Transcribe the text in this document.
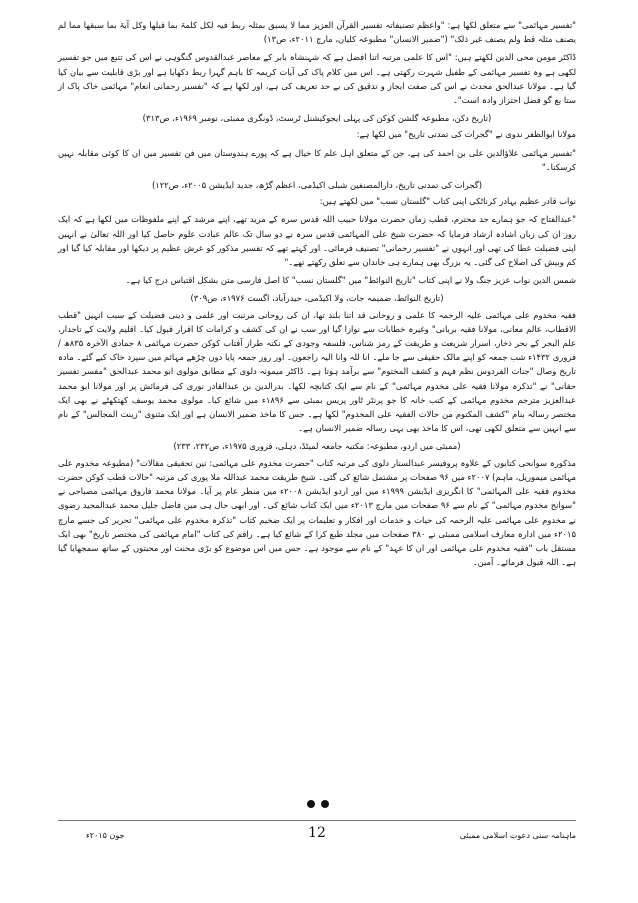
"تفسیر مہائمی" سے متعلق لکھا ہے: "واعظم تصنیفاتہ تفسیر القرآن العزیز مما لا یسبق بمثلہ ربط فیہ لکل کلمۃ بما قبلھا وکل آیۃ بما سبقھا مما لم یصنف مثلہ قط ولم یصنف غیر ذلک" ("ضمیر الانسان" مطبوعہ کلیان، مارچ ۲۰۱۱ء، ص۱۳)

ڈاکٹر مومن محی الدین لکھتے ہیں: "اس کا علمی مرتبہ اتنا افضل ہے کہ شہنشاہ بابر کے معاصر عبدالقدوس گنگوہی نے اس کی تتبع میں جو تفسیر لکھی ہے وہ تفسیر مہائمی کے طفیل شہرت رکھتی ہے۔ اس میں کلام پاک کی آیات کریمہ کا باہم گہرا ربط دکھایا ہے اور بڑی قابلیت سے بیان کیا گیا ہے۔ مولانا عبدالحق محدث نے اس کی صفت ایجاز و تدقیق کی بے حد تعریف کی ہے، اور لکھا ہے کہ "تفسیر رحمانی انعام" مہائمی خاک پاک از ستا یع گو فضل احتزاز وادہ است"۔

(تاریخ دکن، مطبوعہ گلشن کوکن کی پہلی ایجوکیشنل ٹرسٹ، ڈونگری ممبئی، نومبر ۱۹۶۹ء، ص۳۱۳)

مولانا ابوالظفر ندوی نے "گجرات کی تمدنی تاریخ" میں لکھا ہے:

"تفسیر مہائمی علاؤالدین علی بن احمد کی ہے، جن کے متعلق اہل علم کا خیال ہے کہ پورے ہندوستان میں فن تفسیر میں ان کا کوئی مقابلہ نہیں کرسکتا۔"

(گجرات کی تمدنی تاریخ، دارالمصنفین شبلی اکیڈمی، اعظم گڑھ، جدید ایڈیشن ۲۰۰۵ء، ص۱۲۲)

نواب قادر عظیم بہادر کرناٹکی اپنی کتاب "گلستان نسب" میں لکھتے ہیں:

"عبدالفتاح کہ جو ہمارے جد محترم، قطب زماں حضرت مولانا حبیب اللہ قدس سرہ کے مرید تھے، اپنے مرشد کے اپنے ملفوظات میں لکھا ہے کہ ایک روز ان کی زبان اشادہ ارشاد فرمایا کہ حضرت شیخ علی المہائمی قدس سرہ نے دو سال تک عالم عبادت علوم حاصل کیا اور اللہ تعالیٰ نے انہیں اپنی فضیلت عطا کی تھی اور انہوں نے "تفسیر رحمانی" تصنیف فرمائی۔ اور کہتے تھے کہ تفسیر مذکور کو عرش عظیم پر دیکھا اور مقابلہ کیا گیا اور کم وبیش کی اصلاح کی گئی۔ یہ بزرگ بھی ہمارے ہی خاندان سے تعلق رکھتے تھے۔"

شمس الدین نواب عزیز جنگ ولا نے اپنی کتاب "تاریخ النوائط" میں "گلستان نسب" کا اصل فارسی متن بشکل اقتباس درج کیا ہے۔

(تاریخ النوائط، ضمیمہ جات، ولا اکیڈمی، حیدرآباد، اگست ۱۹۷۶ء، ص۳۰۹)

فقیہ مخدوم علی مہائمی علیہ الرحمہ کا علمی و روحانی قد اتنا بلند تھا، ان کی روحانی مرتبت اور علمی و دینی فضیلت کے سبب انہیں "قطب الاقطاب، عالم معانی، مولانا فقیہ بربانی" وغیرہ خطابات سے نوازا گیا اور سب نے ان کی کشف و کرامات کا اقرار قبول کیا۔ اقلیم ولایت کے تاجدار، علم البحر کے بحر ذخار، اسرار شریعت و طریقت کے رمز شناس، فلسفہ وجودی کے نکتہ طراز آفتاب کوکن حضرت مہائمی ۸ جمادی الآخرہ ۸۳۵ھ / فروری ۱۴۳۲ء شب جمعہ کو اپنے مالک حقیقی سے جا ملے۔ انا للہ وانا الیہ راجعون۔ اور روز جمعہ پایا دون چڑھے مہائم میں سپرد خاک کیے گئے۔ مادہ تاریخ وصال "جنات الفردوس نظم فہم و کشف المختوم" سے برآمد ہوتا ہے۔ ڈاکٹر میمونہ دلوی کے مطابق مولوی ابو محمد عبدالحق "مفسر تفسیر حقانی" نے "تذکرہ مولانا فقیہ علی مخدوم مہائمی" کے نام سے ایک کتابچہ لکھا۔ بدرالدین بن عبدالقادر نوری کی فرمائش پر اور مولانا ابو محمد عبدالعزیز مترجم مخدوم مہائمی کے کتب خانہ کا جو پرنٹر ٹاور پریس بمبئی سے ۱۸۹۶ء میں شائع کیا۔ مولوی محمد یوسف کھتکھٹے نے بھی ایک مختصر رسالہ بنام "کشف المکتوم من حالات الفقیہ علی المخدوم" لکھا ہے۔ جس کا ماخذ ضمیر الانسان ہے اور ایک مثنوی "زینت المجالس" کے نام سے انہیں سے متعلق لکھی تھی، اس کا ماخذ بھی یہی رسالہ ضمیر الانسان ہے۔

(ممبئی میں اردو، مطبوعہ: مکتبہ جامعہ لمیٹڈ، دہلی، فروری ۱۹۷۵ء، ص۲۳۲، ۲۳۳)

مذکورہ سوانحی کتابوں کے علاوہ پروفیسر عبدالستار دلوی کی مرتبہ کتاب "حضرت مخدوم علی مہائمی: تین تحقیقی مقالات" (مطبوعہ مخدوم علی مہائمی میموریل، ماہم) ۲۰۰۷ء میں ۹۶ صفحات پر مشتمل شائع کی گئی۔ شیخ طریقت محمد عبداللہ ملا پوری کی مرتبہ "حالات قطب کوکن حضرت مخدوم فقیہ علی المہائمی" کا انگریزی ایڈیشن ۱۹۹۹ء میں اور اردو ایڈیشن ۲۰۰۸ء میں منظر عام پر آیا۔ مولانا محمد فاروق مہائمی مصباحی نے "سوانح مخدوم مہائمی" کے نام سے ۹۶ صفحات میں مارچ ۲۰۱۳ء میں ایک کتاب شائع کی۔ اور ابھی حال ہی میں فاضل جلیل محمد عبدالمجید رضوی نے مخدوم علی مہائمی علیہ الرحمہ کی حیات و خدمات اور افکار و تعلیمات پر ایک ضخیم کتاب "تذکرہ مخدوم علی مہائمی" تحریر کی جسے مارچ ۲۰۱۵ء میں ادارہ معارف اسلامی ممبئی نے ۳۸۰ صفحات میں مجلد طبع کرا کے شائع کیا ہے۔ راقم کی کتاب "امام مہائمی کی مختصر تاریخ" بھی ایک مستقل باب "فقیہ مخدوم علی مہائمی اور ان کا عہد" کے نام سے موجود ہے۔ جس میں اس موضوع کو بڑی محنت اور محبتوں کے ساتھ سمجھایا گیا ہے۔ اللہ قبول فرمائے۔ آمین۔

جون ۲۰۱۵ء	12	ماہنامہ سنی دعوت اسلامی ممبئی
